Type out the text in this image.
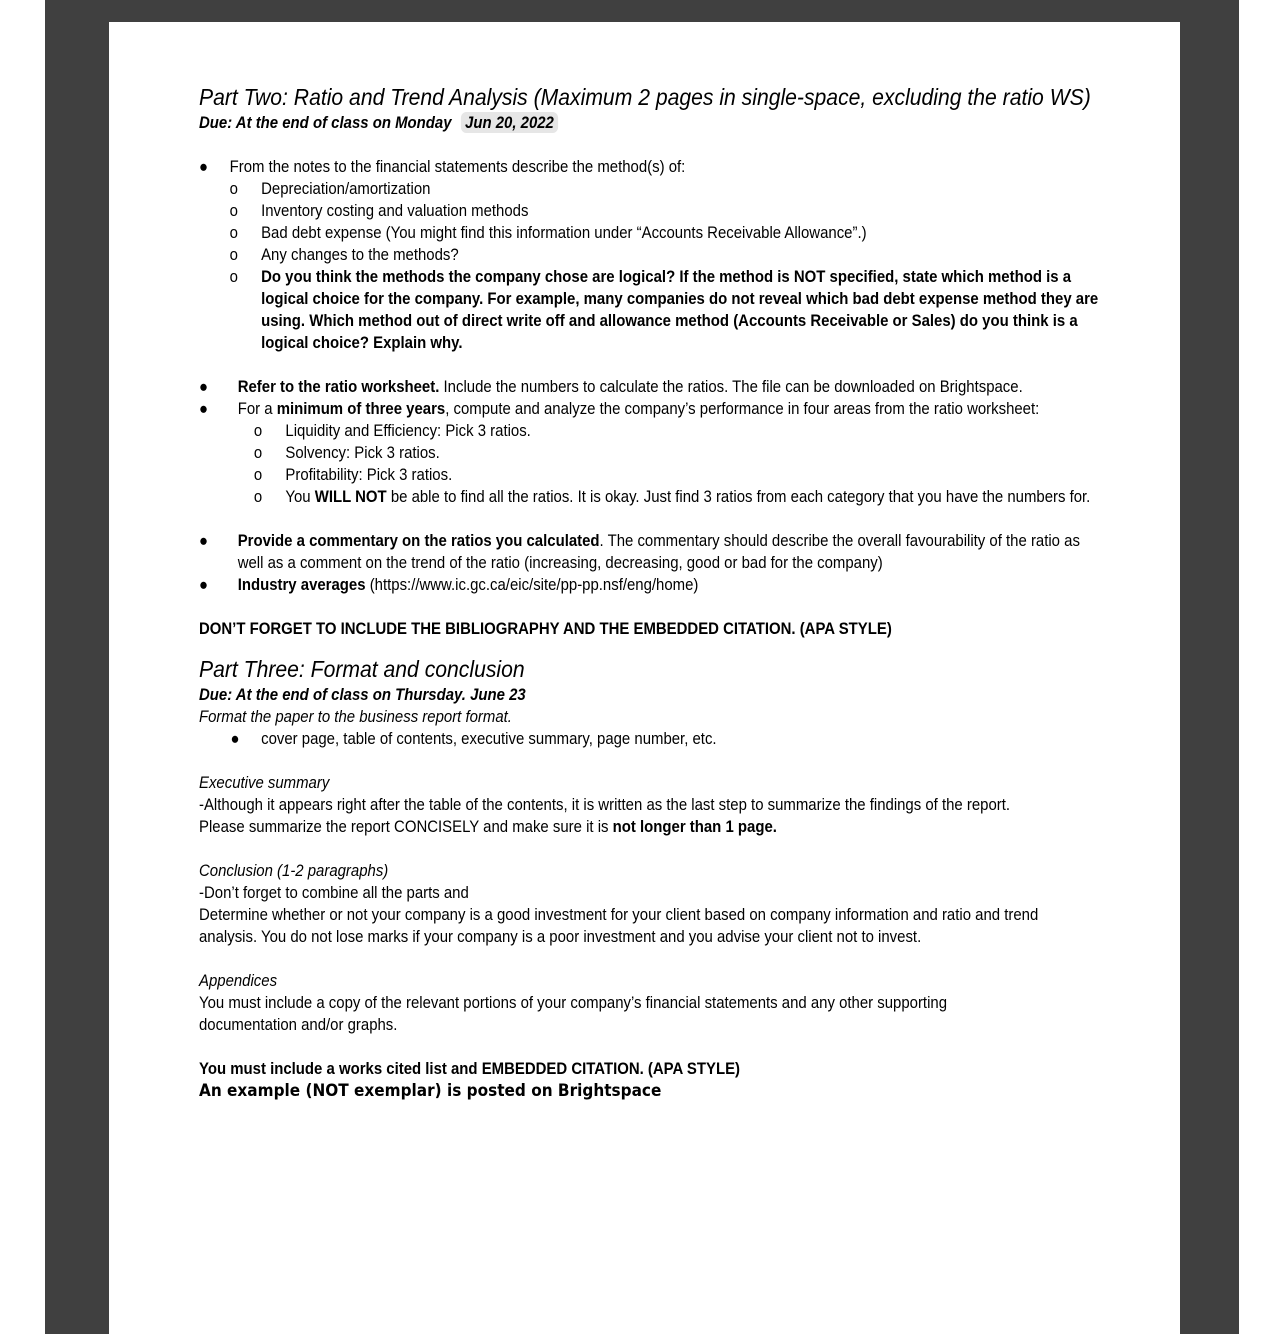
Part Two: Ratio and Trend Analysis (Maximum 2 pages in single-space, excluding the ratio WS)

Due: At the end of class on Monday Jun 20, 2022

● From the notes to the financial statements describe the method(s) of:
o Depreciation/amortization
o Inventory costing and valuation methods
o Bad debt expense (You might find this information under “Accounts Receivable Allowance”.)
o Any changes to the methods?
o Do you think the methods the company chose are logical? If the method is NOT specified, state which method is a logical choice for the company. For example, many companies do not reveal which bad debt expense method they are using. Which method out of direct write off and allowance method (Accounts Receivable or Sales) do you think is a logical choice? Explain why.
● Refer to the ratio worksheet. Include the numbers to calculate the ratios. The file can be downloaded on Brightspace.
● For a minimum of three years, compute and analyze the company’s performance in four areas from the ratio worksheet:
o Liquidity and Efficiency: Pick 3 ratios.
o Solvency: Pick 3 ratios.
o Profitability: Pick 3 ratios.
o You WILL NOT be able to find all the ratios. It is okay. Just find 3 ratios from each category that you have the numbers for.
● Provide a commentary on the ratios you calculated. The commentary should describe the overall favourability of the ratio as well as a comment on the trend of the ratio (increasing, decreasing, good or bad for the company)
● Industry averages (https://www.ic.gc.ca/eic/site/pp-pp.nsf/eng/home)

DON’T FORGET TO INCLUDE THE BIBLIOGRAPHY AND THE EMBEDDED CITATION. (APA STYLE)

Part Three: Format and conclusion

Due: At the end of class on Thursday. June 23

Format the paper to the business report format.

● cover page, table of contents, executive summary, page number, etc.

Executive summary

-Although it appears right after the table of the contents, it is written as the last step to summarize the findings of the report.

Please summarize the report CONCISELY and make sure it is not longer than 1 page.

Conclusion (1-2 paragraphs)

-Don’t forget to combine all the parts and

Determine whether or not your company is a good investment for your client based on company information and ratio and trend analysis. You do not lose marks if your company is a poor investment and you advise your client not to invest.

Appendices

You must include a copy of the relevant portions of your company’s financial statements and any other supporting documentation and/or graphs.

You must include a works cited list and EMBEDDED CITATION. (APA STYLE)

An example (NOT exemplar) is posted on Brightspace
